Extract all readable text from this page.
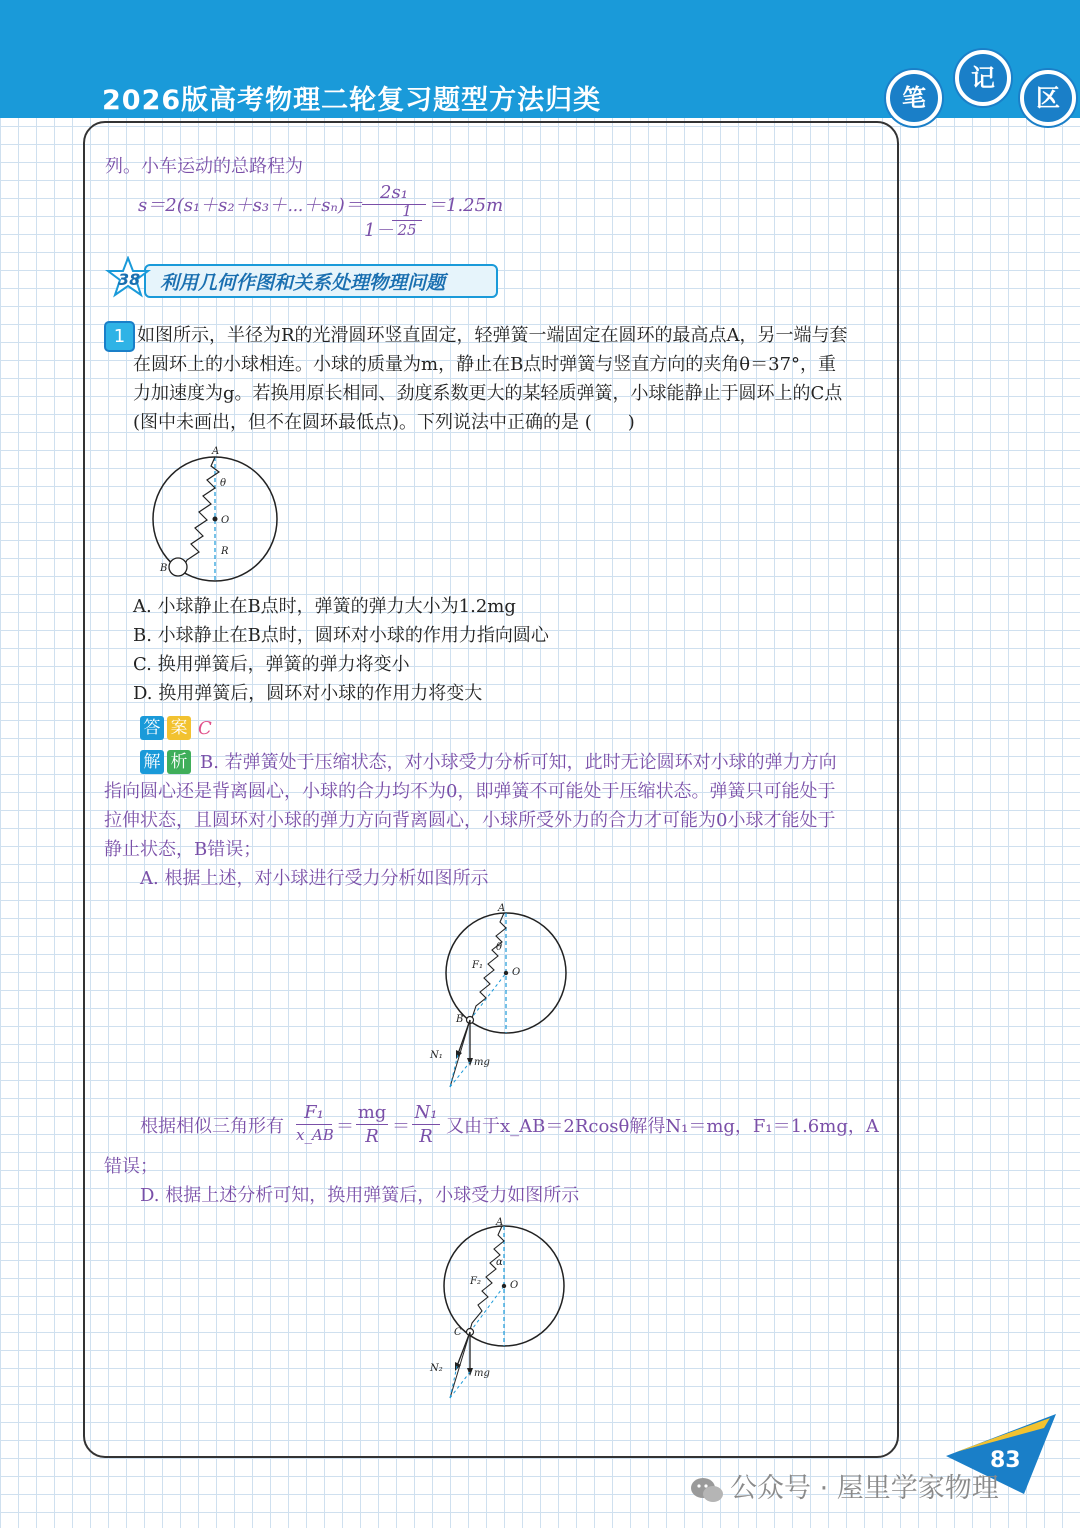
2026版高考物理二轮复习题型方法归类	笔
记
区
列。小车运动的总路程为
s＝2(s₁＋s₂＋s₃＋⋯＋sₙ)＝
2s₁
1－
1
25
＝1.25m
38 利用几何作图和关系处理物理问题
1 如图所示，半径为R的光滑圆环竖直固定，轻弹簧一端固定在圆环的最高点A，另一端与套
在圆环上的小球相连。小球的质量为m，静止在B点时弹簧与竖直方向的夹角θ＝37°，重
力加速度为g。若换用原长相同、劲度系数更大的某轻质弹簧，小球能静止于圆环上的C点
(图中未画出，但不在圆环最低点)。下列说法中正确的是 (　　)
A
θ
O
R
B
A. 小球静止在B点时，弹簧的弹力大小为1.2mg
B. 小球静止在B点时，圆环对小球的作用力指向圆心
C. 换用弹簧后，弹簧的弹力将变小
D. 换用弹簧后，圆环对小球的作用力将变大
答 案 C
解 析 B. 若弹簧处于压缩状态，对小球受力分析可知，此时无论圆环对小球的弹力方向
指向圆心还是背离圆心，小球的合力均不为0，即弹簧不可能处于压缩状态。弹簧只可能处于
拉伸状态，且圆环对小球的弹力方向背离圆心，小球所受外力的合力才可能为0小球才能处于
静止状态，B错误；
A. 根据上述，对小球进行受力分析如图所示
A
θ
F₁
O
B
N₁
mg
根据相似三角形有
F₁
x_AB ＝
mg
R ＝
N₁
R 又由于x_AB＝2Rcosθ解得N₁＝mg，F₁＝1.6mg，A
错误；
D. 根据上述分析可知，换用弹簧后，小球受力如图所示
A
α
F₂	O
C
N₂	mg
83
公众号 · 屋里学家物理
